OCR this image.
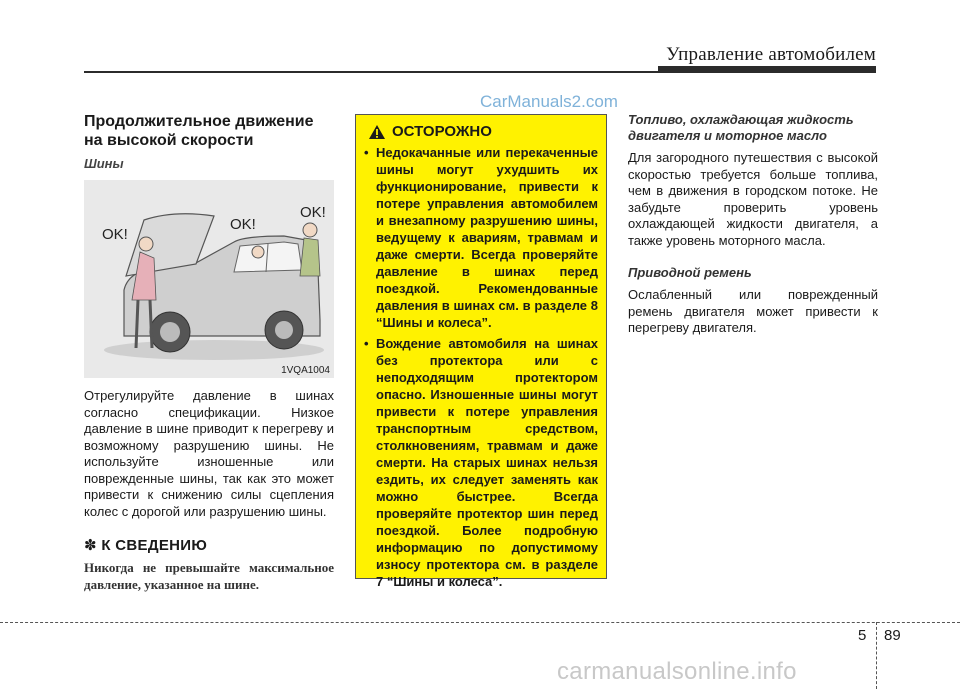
Управление автомобилем
CarManuals2.com

Продолжительное движение на высокой скорости

Шины
OK!
OK!
OK!
1VQA1004

Отрегулируйте давление в шинах согласно спецификации. Низкое давление в шине приводит к перегреву и возможному разрушению шины. Не используйте изношенные или поврежденные шины, так как это может привести к снижению силы сцепления колес с дорогой или разрушению шины.

✽ К СВЕДЕНИЮ
Никогда не превышайте максимальное давление, указанное на шине.
ОСТОРОЖНО
• Недокачанные или перекаченные шины могут ухудшить их функционирование, привести к потере управления автомобилем и внезапному разрушению шины, ведущему к авариям, травмам и даже смерти. Всегда проверяйте давление в шинах перед поездкой. Рекомендованные давления в шинах см. в разделе 8 “Шины и колеса”.
• Вождение автомобиля на шинах без протектора или с неподходящим протектором опасно. Изношенные шины могут привести к потере управления транспортным средством, столкновениям, травмам и даже смерти. На старых шинах нельзя ездить, их следует заменять как можно быстрее. Всегда проверяйте протектор шин перед поездкой. Более подробную информацию по допустимому износу протектора см. в разделе 7 “Шины и колеса”.
Топливо, охлаждающая жидкость двигателя и моторное масло
Для загородного путешествия с высокой скоростью требуется больше топлива, чем в движения в городском потоке. Не забудьте проверить уровень охлаждающей жидкости двигателя, а также уровень моторного масла.
Приводной ремень
Ослабленный или поврежденный ремень двигателя может привести к перегреву двигателя.
5 89
carmanualsonline.info
